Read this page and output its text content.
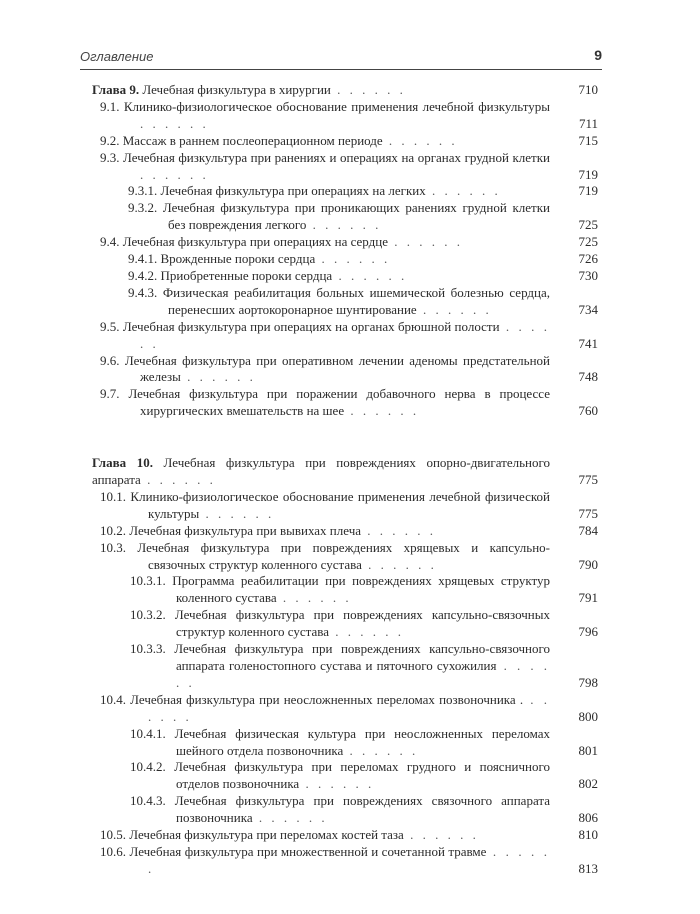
Оглавление	9
Глава 9. Лечебная физкультура в хирургии . . . . . .	710
9.1. Клинико-физиологическое обоснование применения лечебной физкультуры . . . . . .	711
9.2. Массаж в раннем послеоперационном периоде . . . . . .	715
9.3. Лечебная физкультура при ранениях и операциях на органах грудной клетки . . . . . .	719
9.3.1. Лечебная физкультура при операциях на легких . . . . . .	719
9.3.2. Лечебная физкультура при проникающих ранениях грудной клетки без повреждения легкого . . . . . .	725
9.4. Лечебная физкультура при операциях на сердце . . . . . .	725
9.4.1. Врожденные пороки сердца . . . . . .	726
9.4.2. Приобретенные пороки сердца . . . . . .	730
9.4.3. Физическая реабилитация больных ишемической болезнью сердца, перенесших аортокоронарное шунтирование . . . . . .	734
9.5. Лечебная физкультура при операциях на органах брюшной полости . . . . . .	741
9.6. Лечебная физкультура при оперативном лечении аденомы предстательной железы . . . . . .	748
9.7. Лечебная физкультура при поражении добавочного нерва в процессе хирургических вмешательств на шее . . . . . .	760
Глава 10. Лечебная физкультура при повреждениях опорно-двигательного аппарата . . . . . .	775
10.1. Клинико-физиологическое обоснование применения лечебной физической культуры . . . . . .	775
10.2. Лечебная физкультура при вывихах плеча . . . . . .	784
10.3. Лечебная физкультура при повреждениях хрящевых и капсульно-связочных структур коленного сустава . . . . . .	790
10.3.1. Программа реабилитации при повреждениях хрящевых структур коленного сустава . . . . . .	791
10.3.2. Лечебная физкультура при повреждениях капсульно-связочных структур коленного сустава . . . . . .	796
10.3.3. Лечебная физкультура при повреждениях капсульно-связочного аппарата голеностопного сустава и пяточного сухожилия . . . . . .	798
10.4. Лечебная физкультура при неосложненных переломах позвоночника . . . . . . .	800
10.4.1. Лечебная физическая культура при неосложненных переломах шейного отдела позвоночника . . . . . .	801
10.4.2. Лечебная физкультура при переломах грудного и поясничного отделов позвоночника . . . . . .	802
10.4.3. Лечебная физкультура при повреждениях связочного аппарата позвоночника . . . . . .	806
10.5. Лечебная физкультура при переломах костей таза . . . . . .	810
10.6. Лечебная физкультура при множественной и сочетанной травме . . . . . .	813
